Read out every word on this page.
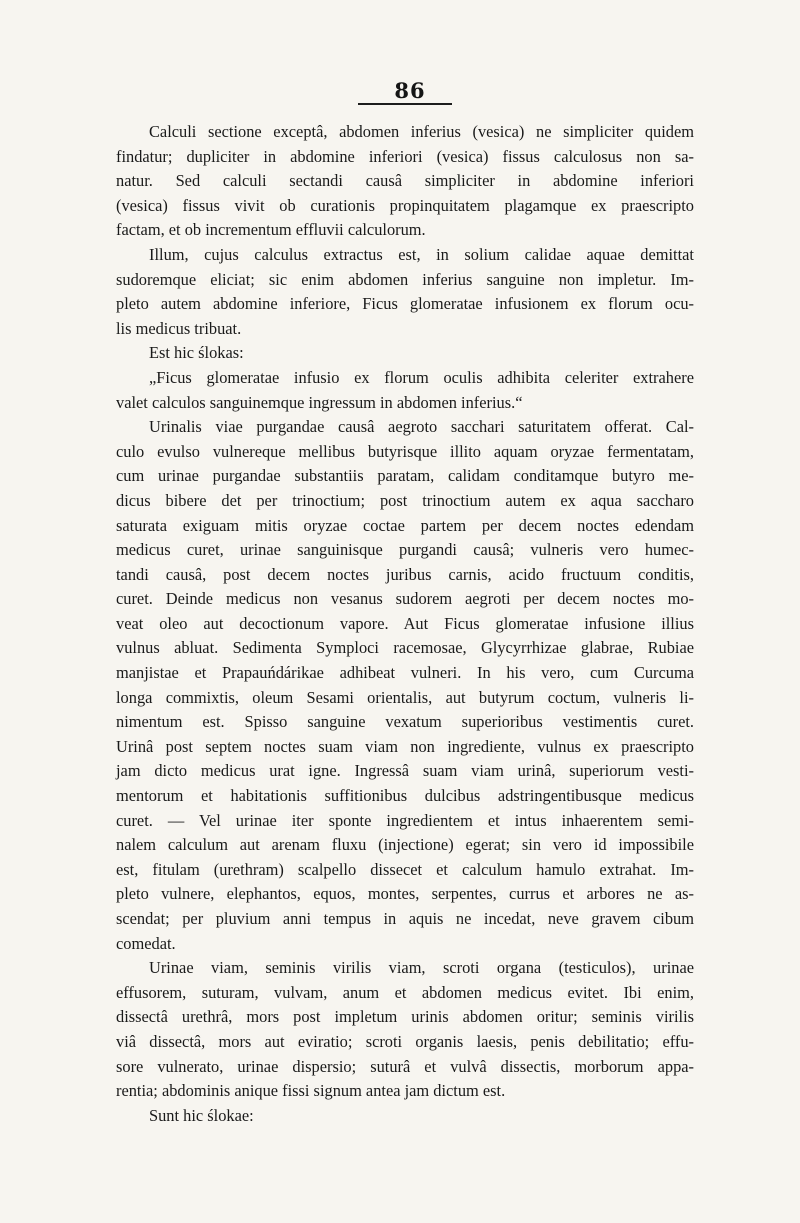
86
Calculi sectione exceptâ, abdomen inferius (vesica) ne simpliciter quidem
findatur; dupliciter in abdomine inferiori (vesica) fissus calculosus non sa-
natur. Sed calculi sectandi causâ simpliciter in abdomine inferiori
(vesica) fissus vivit ob curationis propinquitatem plagamque ex praescripto
factam, et ob incrementum effluvii calculorum.
Illum, cujus calculus extractus est, in solium calidae aquae demittat
sudoremque eliciat; sic enim abdomen inferius sanguine non impletur. Im-
pleto autem abdomine inferiore, Ficus glomeratae infusionem ex florum ocu-
lis medicus tribuat.
Est hic ślokas:
„Ficus glomeratae infusio ex florum oculis adhibita celeriter extrahere
valet calculos sanguinemque ingressum in abdomen inferius.“
Urinalis viae purgandae causâ aegroto sacchari saturitatem offerat. Cal-
culo evulso vulnereque mellibus butyrisque illito aquam oryzae fermentatam,
cum urinae purgandae substantiis paratam, calidam conditamque butyro me-
dicus bibere det per trinoctium; post trinoctium autem ex aqua saccharo
saturata exiguam mitis oryzae coctae partem per decem noctes edendam
medicus curet, urinae sanguinisque purgandi causâ; vulneris vero humec-
tandi causâ, post decem noctes juribus carnis, acido fructuum conditis,
curet. Deinde medicus non vesanus sudorem aegroti per decem noctes mo-
veat oleo aut decoctionum vapore. Aut Ficus glomeratae infusione illius
vulnus abluat. Sedimenta Symploci racemosae, Glycyrrhizae glabrae, Rubiae
manjistae et Prapauńdárikae adhibeat vulneri. In his vero, cum Curcuma
longa commixtis, oleum Sesami orientalis, aut butyrum coctum, vulneris li-
nimentum est. Spisso sanguine vexatum superioribus vestimentis curet.
Urinâ post septem noctes suam viam non ingrediente, vulnus ex praescripto
jam dicto medicus urat igne. Ingressâ suam viam urinâ, superiorum vesti-
mentorum et habitationis suffitionibus dulcibus adstringentibusque medicus
curet. — Vel urinae iter sponte ingredientem et intus inhaerentem semi-
nalem calculum aut arenam fluxu (injectione) egerat; sin vero id impossibile
est, fitulam (urethram) scalpello dissecet et calculum hamulo extrahat. Im-
pleto vulnere, elephantos, equos, montes, serpentes, currus et arbores ne as-
scendat; per pluvium anni tempus in aquis ne incedat, neve gravem cibum
comedat.
Urinae viam, seminis virilis viam, scroti organa (testiculos), urinae
effusorem, suturam, vulvam, anum et abdomen medicus evitet. Ibi enim,
dissectâ urethrâ, mors post impletum urinis abdomen oritur; seminis virilis
viâ dissectâ, mors aut eviratio; scroti organis laesis, penis debilitatio; effu-
sore vulnerato, urinae dispersio; suturâ et vulvâ dissectis, morborum appa-
rentia; abdominis anique fissi signum antea jam dictum est.
Sunt hic ślokae:
